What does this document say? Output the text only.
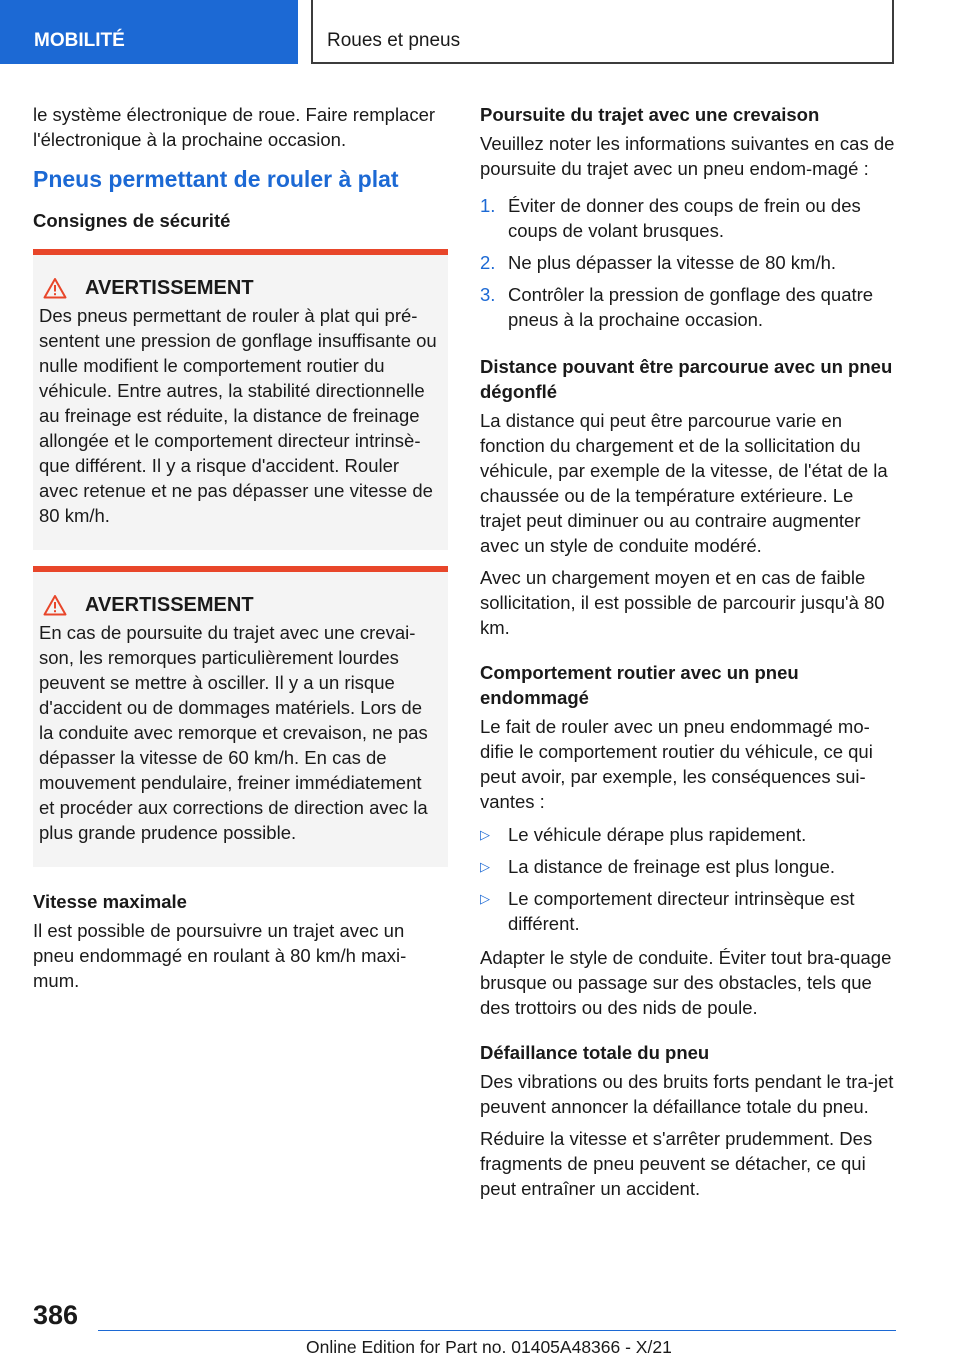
MOBILITÉ	Roues et pneus

le système électronique de roue. Faire remplacer l'électronique à la prochaine occasion.

Pneus permettant de rouler à plat
Consignes de sécurité
AVERTISSEMENT
Des pneus permettant de rouler à plat qui pré-sentent une pression de gonflage insuffisante ou nulle modifient le comportement routier du véhicule. Entre autres, la stabilité directionnelle au freinage est réduite, la distance de freinage allongée et le comportement directeur intrinsè-que différent. Il y a risque d'accident. Rouler avec retenue et ne pas dépasser une vitesse de 80 km/h.
AVERTISSEMENT
En cas de poursuite du trajet avec une crevai-son, les remorques particulièrement lourdes peuvent se mettre à osciller. Il y a un risque d'accident ou de dommages matériels. Lors de la conduite avec remorque et crevaison, ne pas dépasser la vitesse de 60 km/h. En cas de mouvement pendulaire, freiner immédiatement et procéder aux corrections de direction avec la plus grande prudence possible.
Vitesse maximale

Il est possible de poursuivre un trajet avec un pneu endommagé en roulant à 80 km/h maxi-mum.

Poursuite du trajet avec une crevaison

Veuillez noter les informations suivantes en cas de poursuite du trajet avec un pneu endom-magé :

1. Éviter de donner des coups de frein ou des coups de volant brusques.
2. Ne plus dépasser la vitesse de 80 km/h.
3. Contrôler la pression de gonflage des quatre pneus à la prochaine occasion.
Distance pouvant être parcourue avec un pneu dégonflé

La distance qui peut être parcourue varie en fonction du chargement et de la sollicitation du véhicule, par exemple de la vitesse, de l'état de la chaussée ou de la température extérieure. Le trajet peut diminuer ou au contraire augmenter avec un style de conduite modéré.

Avec un chargement moyen et en cas de faible sollicitation, il est possible de parcourir jusqu'à 80 km.

Comportement routier avec un pneu endommagé

Le fait de rouler avec un pneu endommagé mo-difie le comportement routier du véhicule, ce qui peut avoir, par exemple, les conséquences sui-vantes :

▷ Le véhicule dérape plus rapidement.
▷ La distance de freinage est plus longue.
▷ Le comportement directeur intrinsèque est différent.

Adapter le style de conduite. Éviter tout bra-quage brusque ou passage sur des obstacles, tels que des trottoirs ou des nids de poule.

Défaillance totale du pneu

Des vibrations ou des bruits forts pendant le tra-jet peuvent annoncer la défaillance totale du pneu.

Réduire la vitesse et s'arrêter prudemment. Des fragments de pneu peuvent se détacher, ce qui peut entraîner un accident.

386
Online Edition for Part no. 01405A48366 - X/21
